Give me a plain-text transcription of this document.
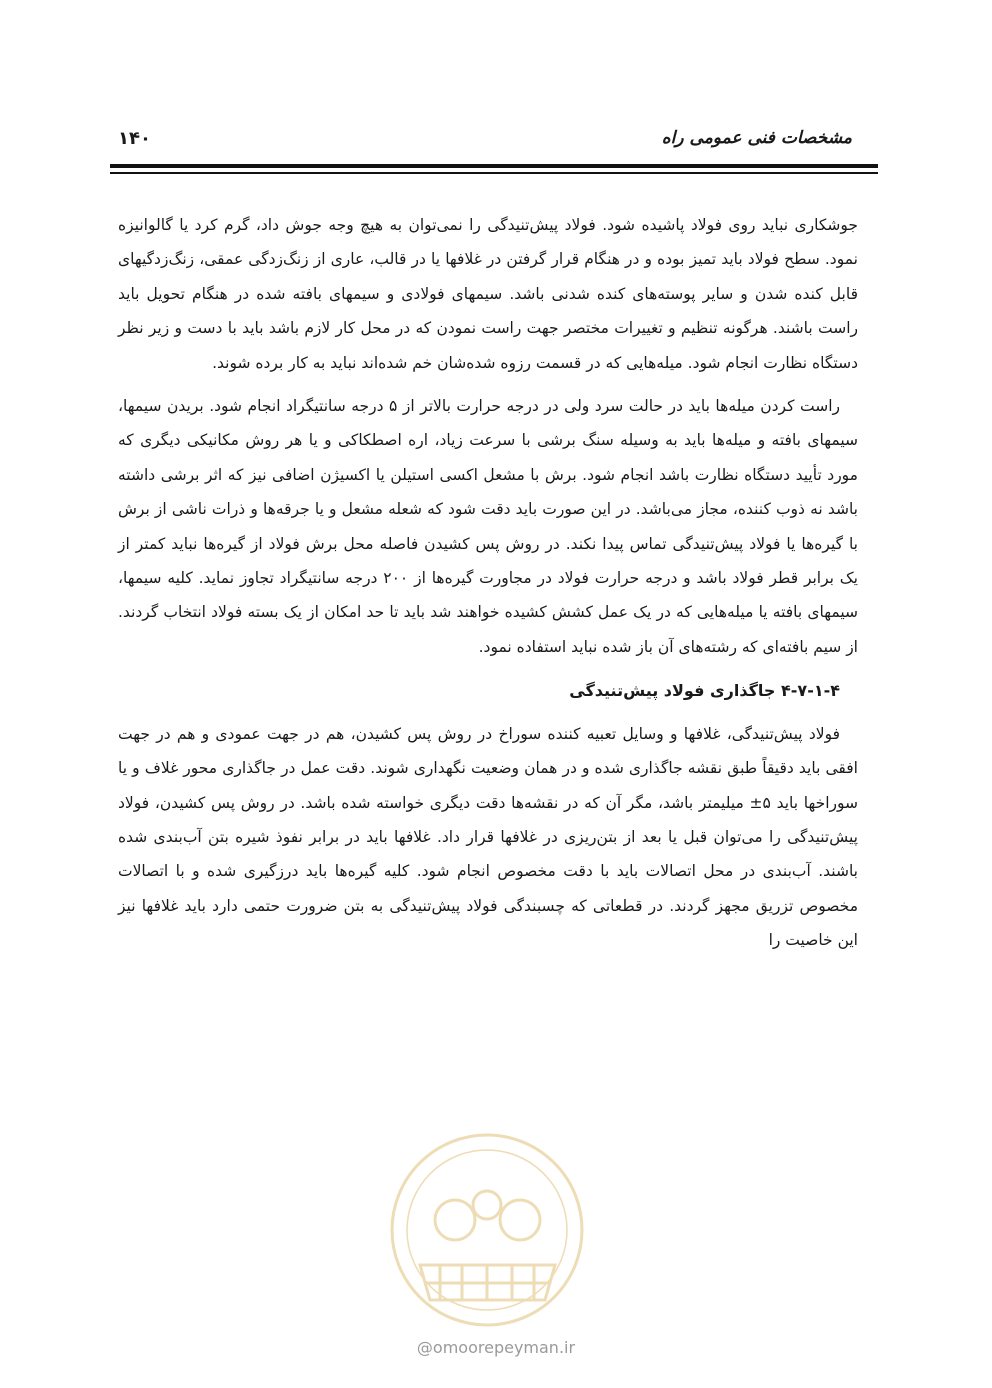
مشخصات فنی عمومی راه
۱۴۰

جوشکاری نباید روی فولاد پاشیده شود. فولاد پیش‌تنیدگی را نمی‌توان به هیچ وجه جوش داد، گرم کرد یا گالوانیزه نمود. سطح فولاد باید تمیز بوده و در هنگام قرار گرفتن در غلافها یا در قالب، عاری از زنگ‌زدگی عمقی، زنگ‌زدگیهای قابل کنده شدن و سایر پوسته‌های کنده شدنی باشد. سیمهای فولادی و سیمهای بافته شده در هنگام تحویل باید راست باشند. هرگونه تنظیم و تغییرات مختصر جهت راست نمودن که در محل کار لازم باشد باید با دست و زیر نظر دستگاه نظارت انجام شود. میله‌هایی که در قسمت رزوه شده‌شان خم شده‌اند نباید به کار برده شوند.

راست کردن میله‌ها باید در حالت سرد ولی در درجه حرارت بالاتر از ۵ درجه سانتیگراد انجام شود. بریدن سیمها، سیمهای بافته و میله‌ها باید به وسیله سنگ برشی با سرعت زیاد، اره اصطکاکی و یا هر روش مکانیکی دیگری که مورد تأیید دستگاه نظارت باشد انجام شود. برش با مشعل اکسی استیلن یا اکسیژن اضافی نیز که اثر برشی داشته باشد نه ذوب کننده، مجاز می‌باشد. در این صورت باید دقت شود که شعله مشعل و یا جرقه‌ها و ذرات ناشی از برش با گیره‌ها یا فولاد پیش‌تنیدگی تماس پیدا نکند. در روش پس کشیدن فاصله محل برش فولاد از گیره‌ها نباید کمتر از یک برابر قطر فولاد باشد و درجه حرارت فولاد در مجاورت گیره‌ها از ۲۰۰ درجه سانتیگراد تجاوز نماید. کلیه سیمها، سیمهای بافته یا میله‌هایی که در یک عمل کشش کشیده خواهند شد باید تا حد امکان از یک بسته فولاد انتخاب گردند. از سیم بافته‌ای که رشته‌های آن باز شده نباید استفاده نمود.

۴-۷-۱-۴ جاگذاری فولاد پیش‌تنیدگی

فولاد پیش‌تنیدگی، غلافها و وسایل تعبیه کننده سوراخ در روش پس کشیدن، هم در جهت عمودی و هم در جهت افقی باید دقیقاً طبق نقشه جاگذاری شده و در همان وضعیت نگهداری شوند. دقت عمل در جاگذاری محور غلاف و یا سوراخها باید ۵± میلیمتر باشد، مگر آن که در نقشه‌ها دقت دیگری خواسته شده باشد. در روش پس کشیدن، فولاد پیش‌تنیدگی را می‌توان قبل یا بعد از بتن‌ریزی در غلافها قرار داد. غلافها باید در برابر نفوذ شیره بتن آب‌بندی شده باشند. آب‌بندی در محل اتصالات باید با دقت مخصوص انجام شود. کلیه گیره‌ها باید درزگیری شده و با اتصالات مخصوص تزریق مجهز گردند. در قطعاتی که چسبندگی فولاد پیش‌تنیدگی به بتن ضرورت حتمی دارد باید غلافها نیز این خاصیت را

@omoorepeyman.ir
